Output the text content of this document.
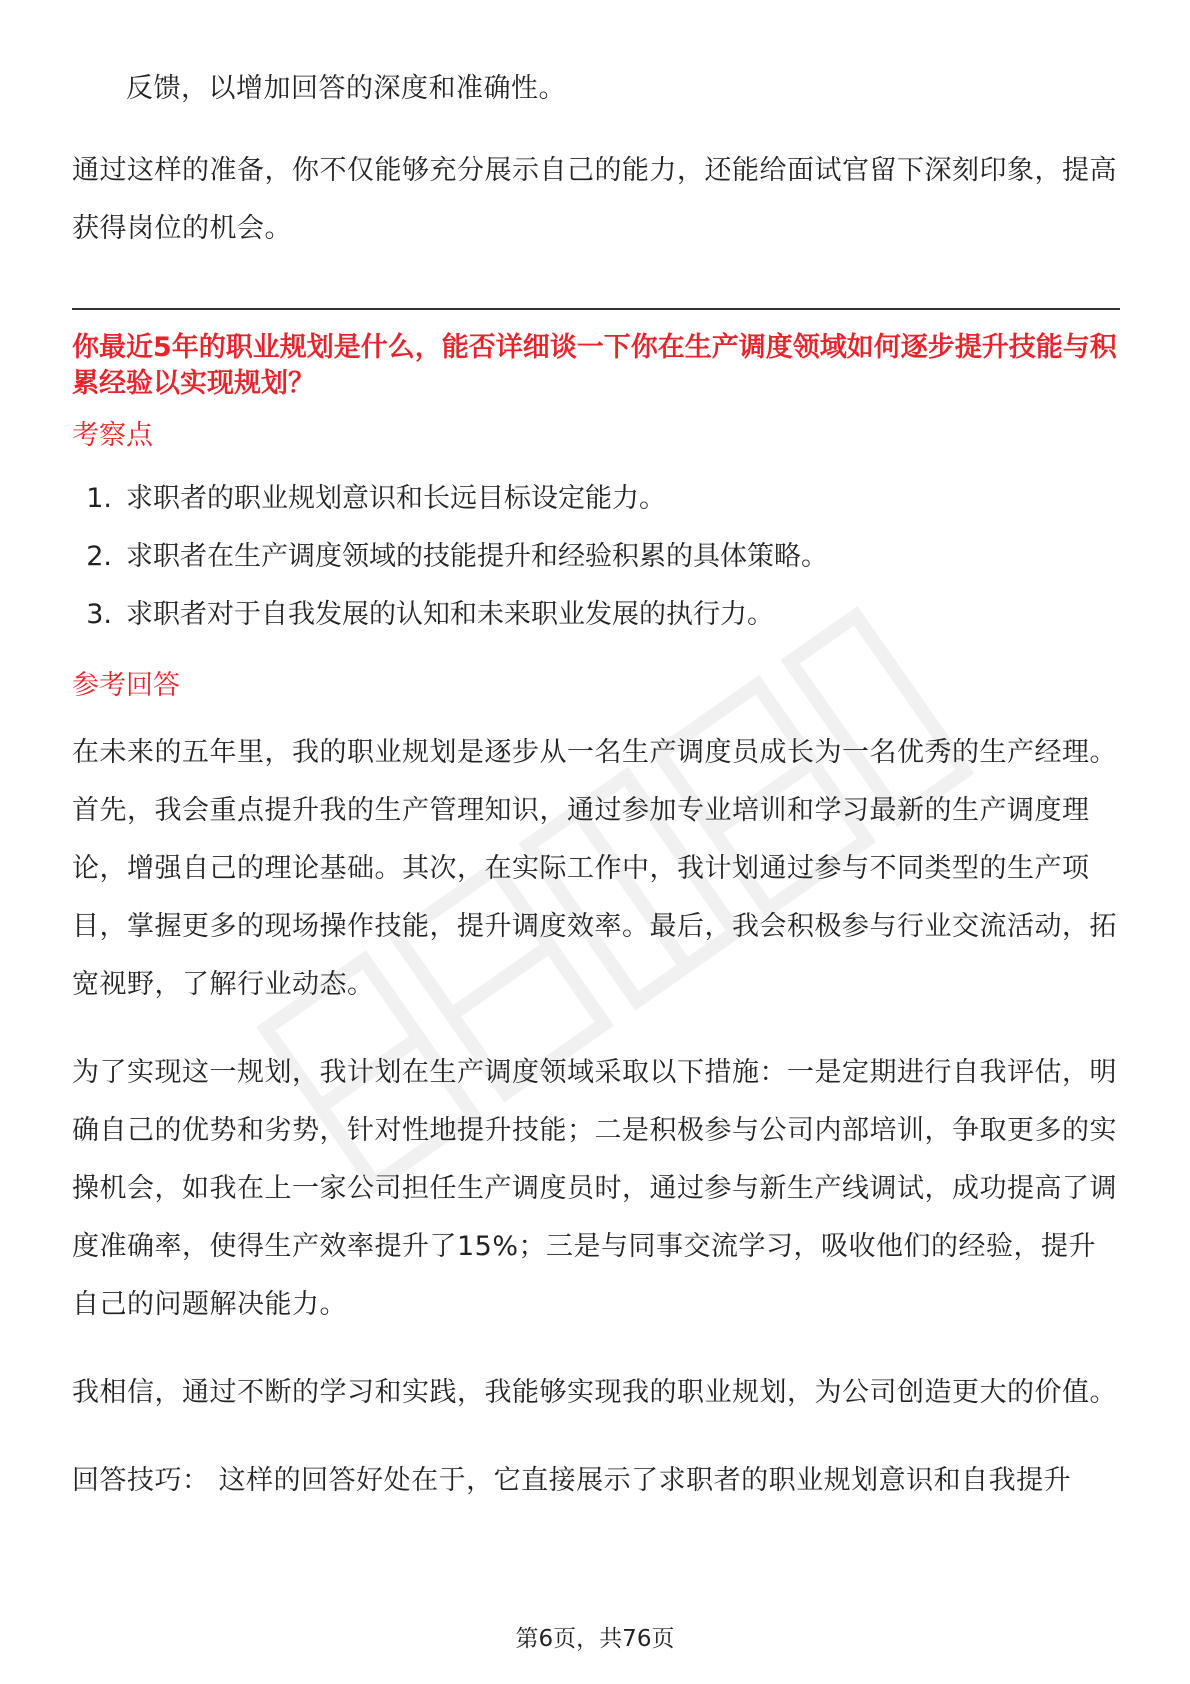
反馈，以增加回答的深度和准确性。

通过这样的准备，你不仅能够充分展示自己的能力，还能给面试官留下深刻印象，提高获得岗位的机会。

你最近5年的职业规划是什么，能否详细谈一下你在生产调度领域如何逐步提升技能与积累经验以实现规划？

考察点

1. 求职者的职业规划意识和长远目标设定能力。
2. 求职者在生产调度领域的技能提升和经验积累的具体策略。
3. 求职者对于自我发展的认知和未来职业发展的执行力。

参考回答

在未来的五年里，我的职业规划是逐步从一名生产调度员成长为一名优秀的生产经理。首先，我会重点提升我的生产管理知识，通过参加专业培训和学习最新的生产调度理论，增强自己的理论基础。其次，在实际工作中，我计划通过参与不同类型的生产项目，掌握更多的现场操作技能，提升调度效率。最后，我会积极参与行业交流活动，拓宽视野，了解行业动态。

为了实现这一规划，我计划在生产调度领域采取以下措施：一是定期进行自我评估，明确自己的优势和劣势，针对性地提升技能；二是积极参与公司内部培训，争取更多的实操机会，如我在上一家公司担任生产调度员时，通过参与新生产线调试，成功提高了调度准确率，使得生产效率提升了15%；三是与同事交流学习，吸收他们的经验，提升自己的问题解决能力。

我相信，通过不断的学习和实践，我能够实现我的职业规划，为公司创造更大的价值。

回答技巧： 这样的回答好处在于，它直接展示了求职者的职业规划意识和自我提升

第6页，共76页
